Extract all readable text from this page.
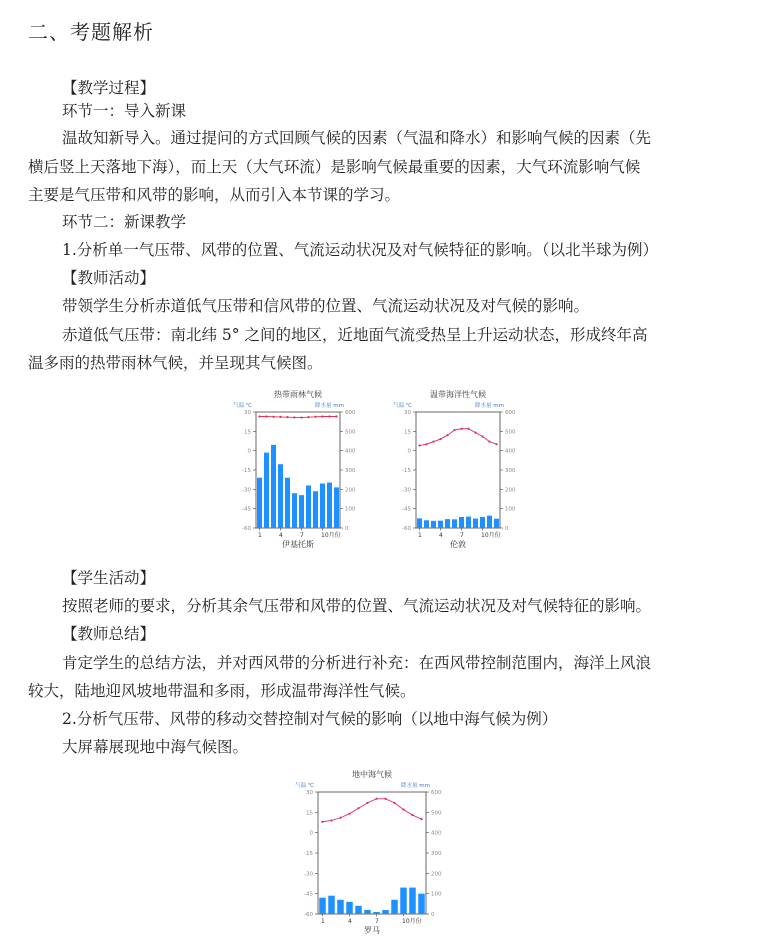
二、考题解析
【教学过程】
环节一：导入新课
温故知新导入。通过提问的方式回顾气候的因素（气温和降水）和影响气候的因素（先
横后竖上天落地下海），而上天（大气环流）是影响气候最重要的因素，大气环流影响气候
主要是气压带和风带的影响，从而引入本节课的学习。
环节二：新课教学
1.分析单一气压带、风带的位置、气流运动状况及对气候特征的影响。（以北半球为例）
【教师活动】
带领学生分析赤道低气压带和信风带的位置、气流运动状况及对气候的影响。
赤道低气压带：南北纬 5° 之间的地区，近地面气流受热呈上升运动状态，形成终年高
温多雨的热带雨林气候，并呈现其气候图。
热带雨林气候
气温 ℃	降水量 mm
30
15
0
-15
-30
-45
-60
600
500
400
300
200
100
0
1	4	7	10月份
伊基托斯
温带海洋性气候
气温 ℃	降水量 mm
30
15
0
-15
-30
-45
-60
600
500
400
300
200
100
0
1	4	7	10月份
伦敦
【学生活动】
按照老师的要求，分析其余气压带和风带的位置、气流运动状况及对气候特征的影响。
【教师总结】
肯定学生的总结方法，并对西风带的分析进行补充：在西风带控制范围内，海洋上风浪
较大，陆地迎风坡地带温和多雨，形成温带海洋性气候。
2.分析气压带、风带的移动交替控制对气候的影响（以地中海气候为例）
大屏幕展现地中海气候图。
地中海气候
气温 ℃	降水量 mm
30
15
0
-15
-30
-45
-60
600
500
400
300
200
100
0
1	4	7	10月份
罗马
